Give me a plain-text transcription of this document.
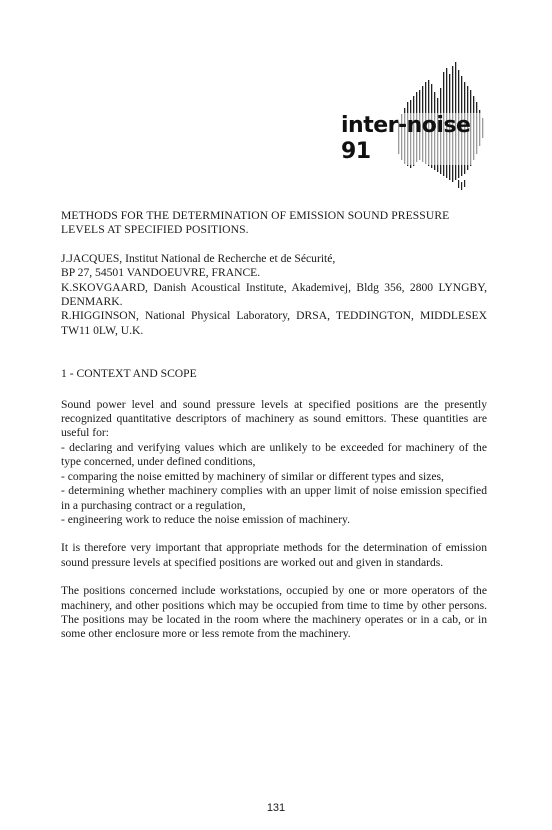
inter-noise 91
METHODS FOR THE DETERMINATION OF EMISSION SOUND PRESSURE LEVELS AT SPECIFIED POSITIONS.
J.JACQUES, Institut National de Recherche et de Sécurité,
BP 27, 54501 VANDOEUVRE, FRANCE.
K.SKOVGAARD, Danish Acoustical Institute, Akademivej, Bldg 356, 2800 LYNGBY, DENMARK.
R.HIGGINSON, National Physical Laboratory, DRSA, TEDDINGTON, MIDDLESEX TW11 0LW, U.K.
1 - CONTEXT AND SCOPE
Sound power level and sound pressure levels at specified positions are the presently recognized quantitative descriptors of machinery as sound emittors. These quantities are useful for:
- declaring and verifying values which are unlikely to be exceeded for machinery of the type concerned, under defined conditions,
- comparing the noise emitted by machinery of similar or different types and sizes,
- determining whether machinery complies with an upper limit of noise emission specified in a purchasing contract or a regulation,
- engineering work to reduce the noise emission of machinery.

It is therefore very important that appropriate methods for the determination of emission sound pressure levels at specified positions are worked out and given in standards.

The positions concerned include workstations, occupied by one or more operators of the machinery, and other positions which may be occupied from time to time by other persons. The positions may be located in the room where the machinery operates or in a cab, or in some other enclosure more or less remote from the machinery.

131
